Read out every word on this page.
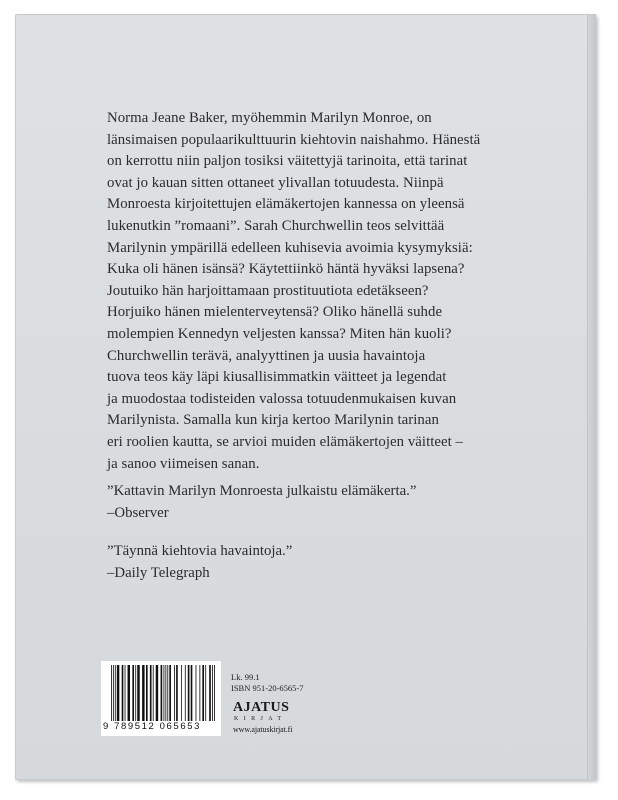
Norma Jeane Baker, myöhemmin Marilyn Monroe, on
länsimaisen populaarikulttuurin kiehtovin naishahmo. Hänestä
on kerrottu niin paljon tosiksi väitettyjä tarinoita, että tarinat
ovat jo kauan sitten ottaneet ylivallan totuudesta. Niinpä
Monroesta kirjoitettujen elämäkertojen kannessa on yleensä
lukenutkin ”romaani”. Sarah Churchwellin teos selvittää
Marilynin ympärillä edelleen kuhisevia avoimia kysymyksiä:
Kuka oli hänen isänsä? Käytettiinkö häntä hyväksi lapsena?
Joutuiko hän harjoittamaan prostituutiota edetäkseen?
Horjuiko hänen mielenterveytensä? Oliko hänellä suhde
molempien Kennedyn veljesten kanssa? Miten hän kuoli?
Churchwellin terävä, analyyttinen ja uusia havaintoja
tuova teos käy läpi kiusallisimmatkin väitteet ja legendat
ja muodostaa todisteiden valossa totuudenmukaisen kuvan
Marilynista. Samalla kun kirja kertoo Marilynin tarinan
eri roolien kautta, se arvioi muiden elämäkertojen väitteet –
ja sanoo viimeisen sanan.
”Kattavin Marilyn Monroesta julkaistu elämäkerta.”
–Observer
”Täynnä kiehtovia havaintoja.”
–Daily Telegraph
9 789512 065653
Lk. 99.1
ISBN 951-20-6565-7
AJATUS
KIRJAT
www.ajatuskirjat.fi
